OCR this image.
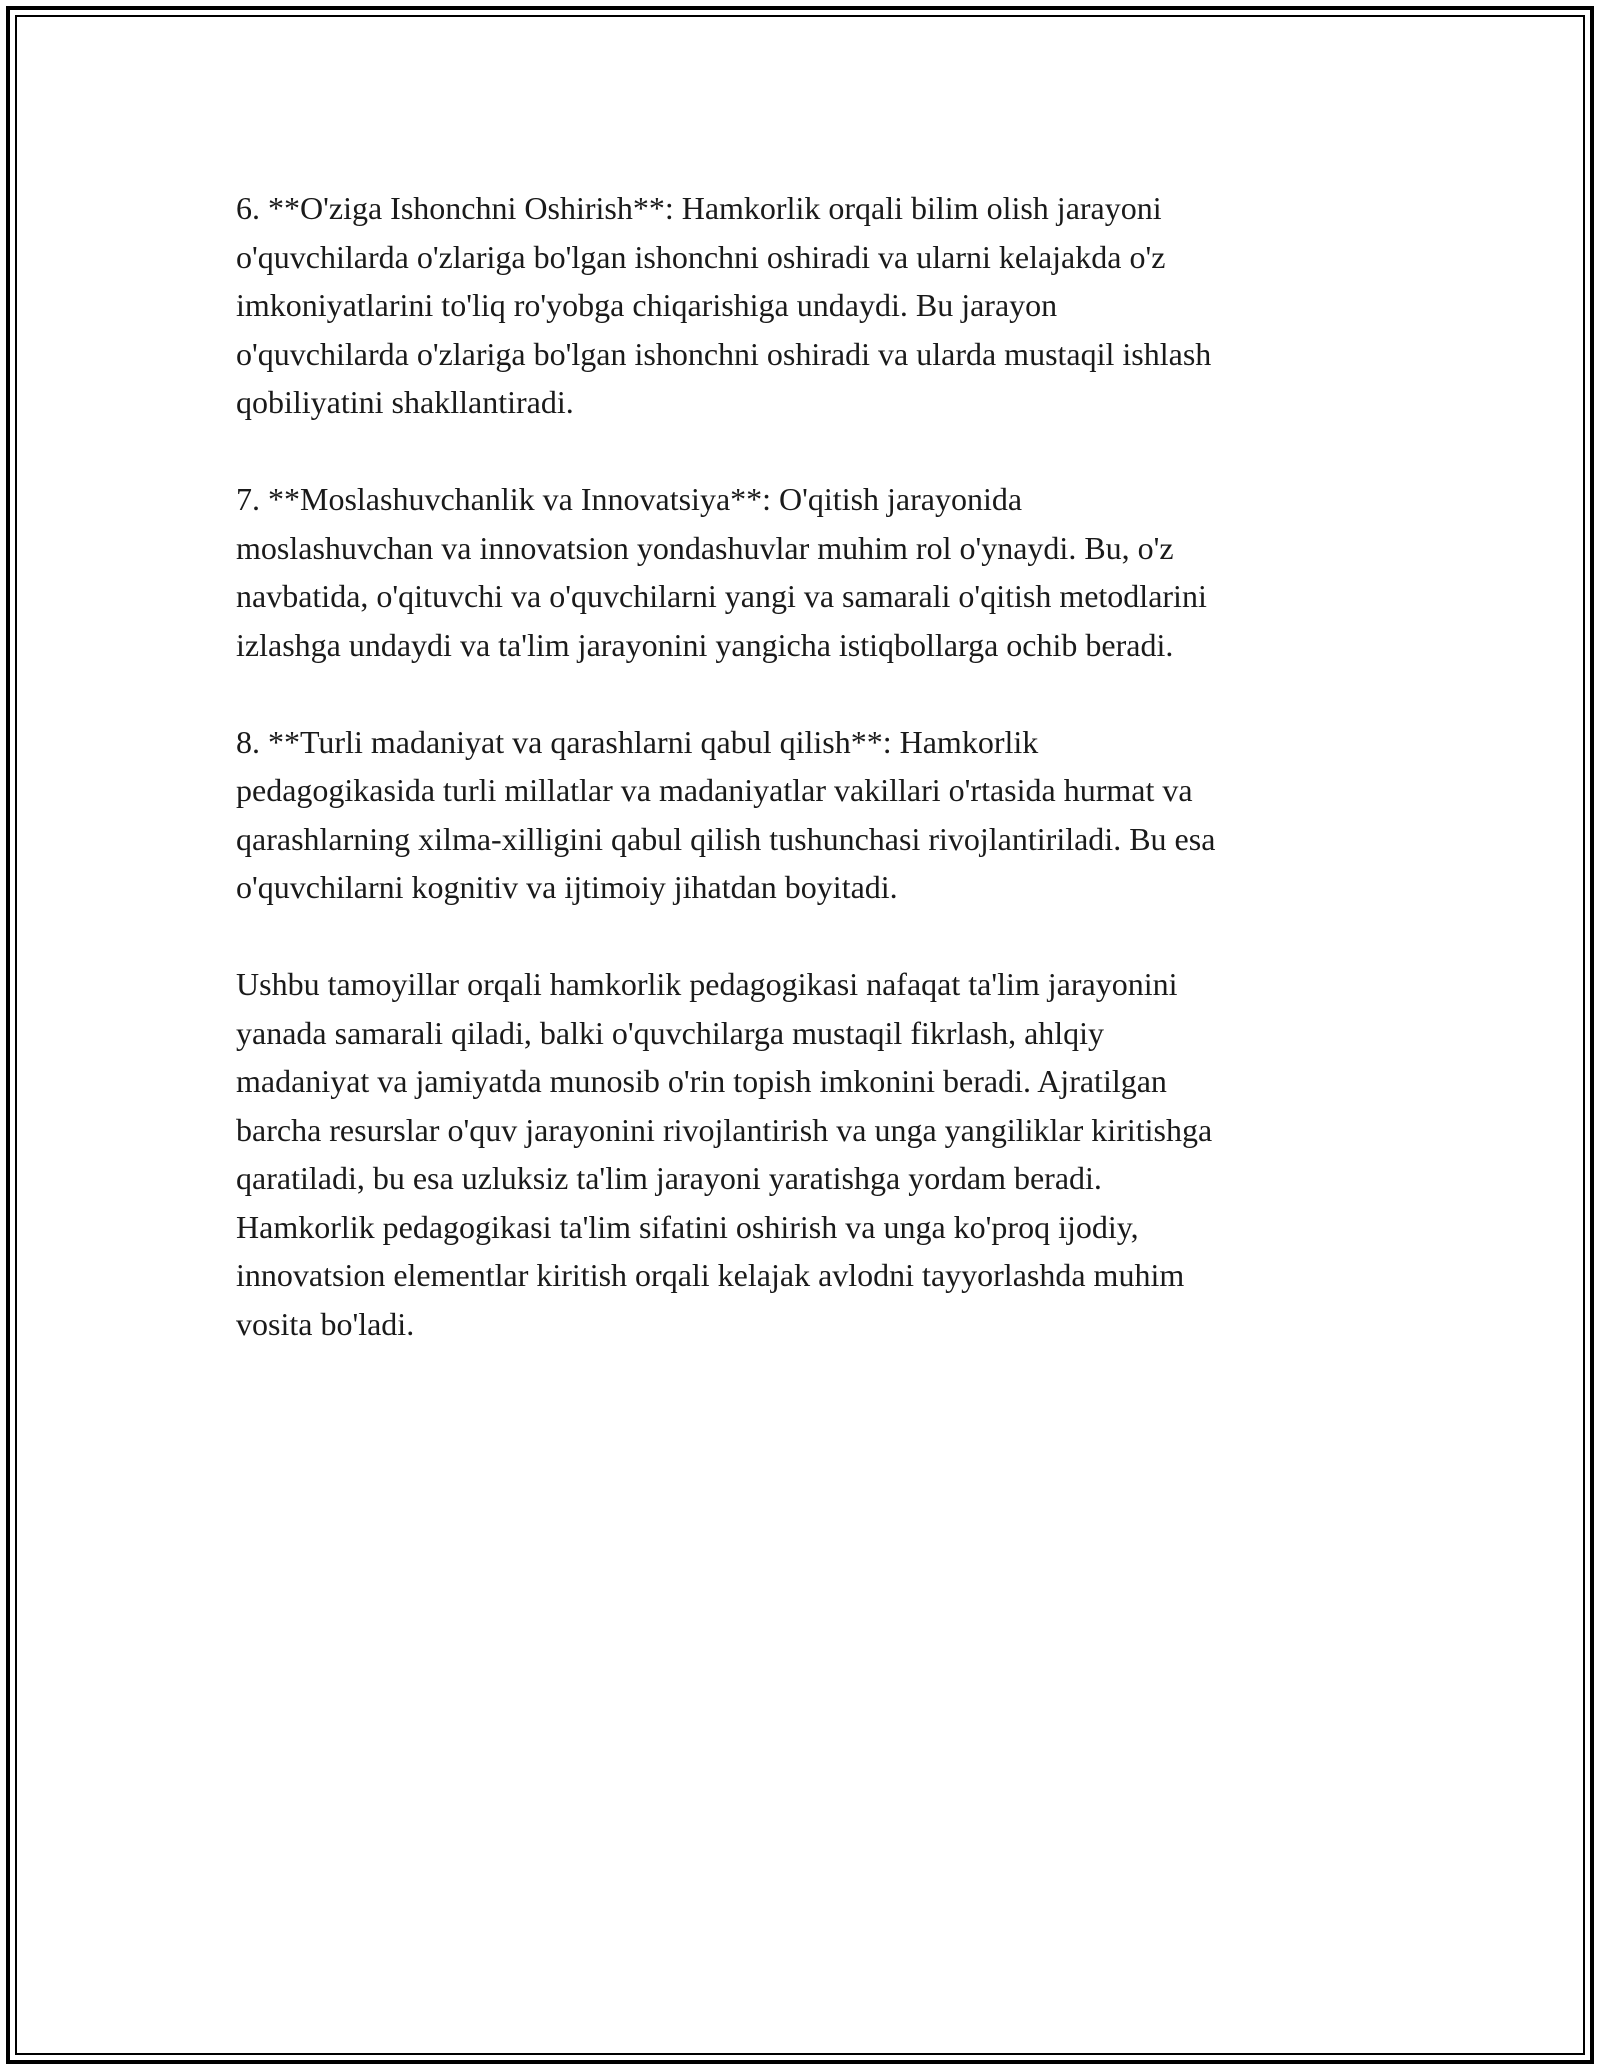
6. **O'ziga Ishonchni Oshirish**: Hamkorlik orqali bilim olish jarayoni
o'quvchilarda o'zlariga bo'lgan ishonchni oshiradi va ularni kelajakda o'z
imkoniyatlarini to'liq ro'yobga chiqarishiga undaydi. Bu jarayon
o'quvchilarda o'zlariga bo'lgan ishonchni oshiradi va ularda mustaqil ishlash
qobiliyatini shakllantiradi.

7. **Moslashuvchanlik va Innovatsiya**: O'qitish jarayonida
moslashuvchan va innovatsion yondashuvlar muhim rol o'ynaydi. Bu, o'z
navbatida, o'qituvchi va o'quvchilarni yangi va samarali o'qitish metodlarini
izlashga undaydi va ta'lim jarayonini yangicha istiqbollarga ochib beradi.

8. **Turli madaniyat va qarashlarni qabul qilish**: Hamkorlik
pedagogikasida turli millatlar va madaniyatlar vakillari o'rtasida hurmat va
qarashlarning xilma-xilligini qabul qilish tushunchasi rivojlantiriladi. Bu esa
o'quvchilarni kognitiv va ijtimoiy jihatdan boyitadi.

Ushbu tamoyillar orqali hamkorlik pedagogikasi nafaqat ta'lim jarayonini
yanada samarali qiladi, balki o'quvchilarga mustaqil fikrlash, ahlqiy
madaniyat va jamiyatda munosib o'rin topish imkonini beradi. Ajratilgan
barcha resurslar o'quv jarayonini rivojlantirish va unga yangiliklar kiritishga
qaratiladi, bu esa uzluksiz ta'lim jarayoni yaratishga yordam beradi.
Hamkorlik pedagogikasi ta'lim sifatini oshirish va unga ko'proq ijodiy,
innovatsion elementlar kiritish orqali kelajak avlodni tayyorlashda muhim
vosita bo'ladi.
